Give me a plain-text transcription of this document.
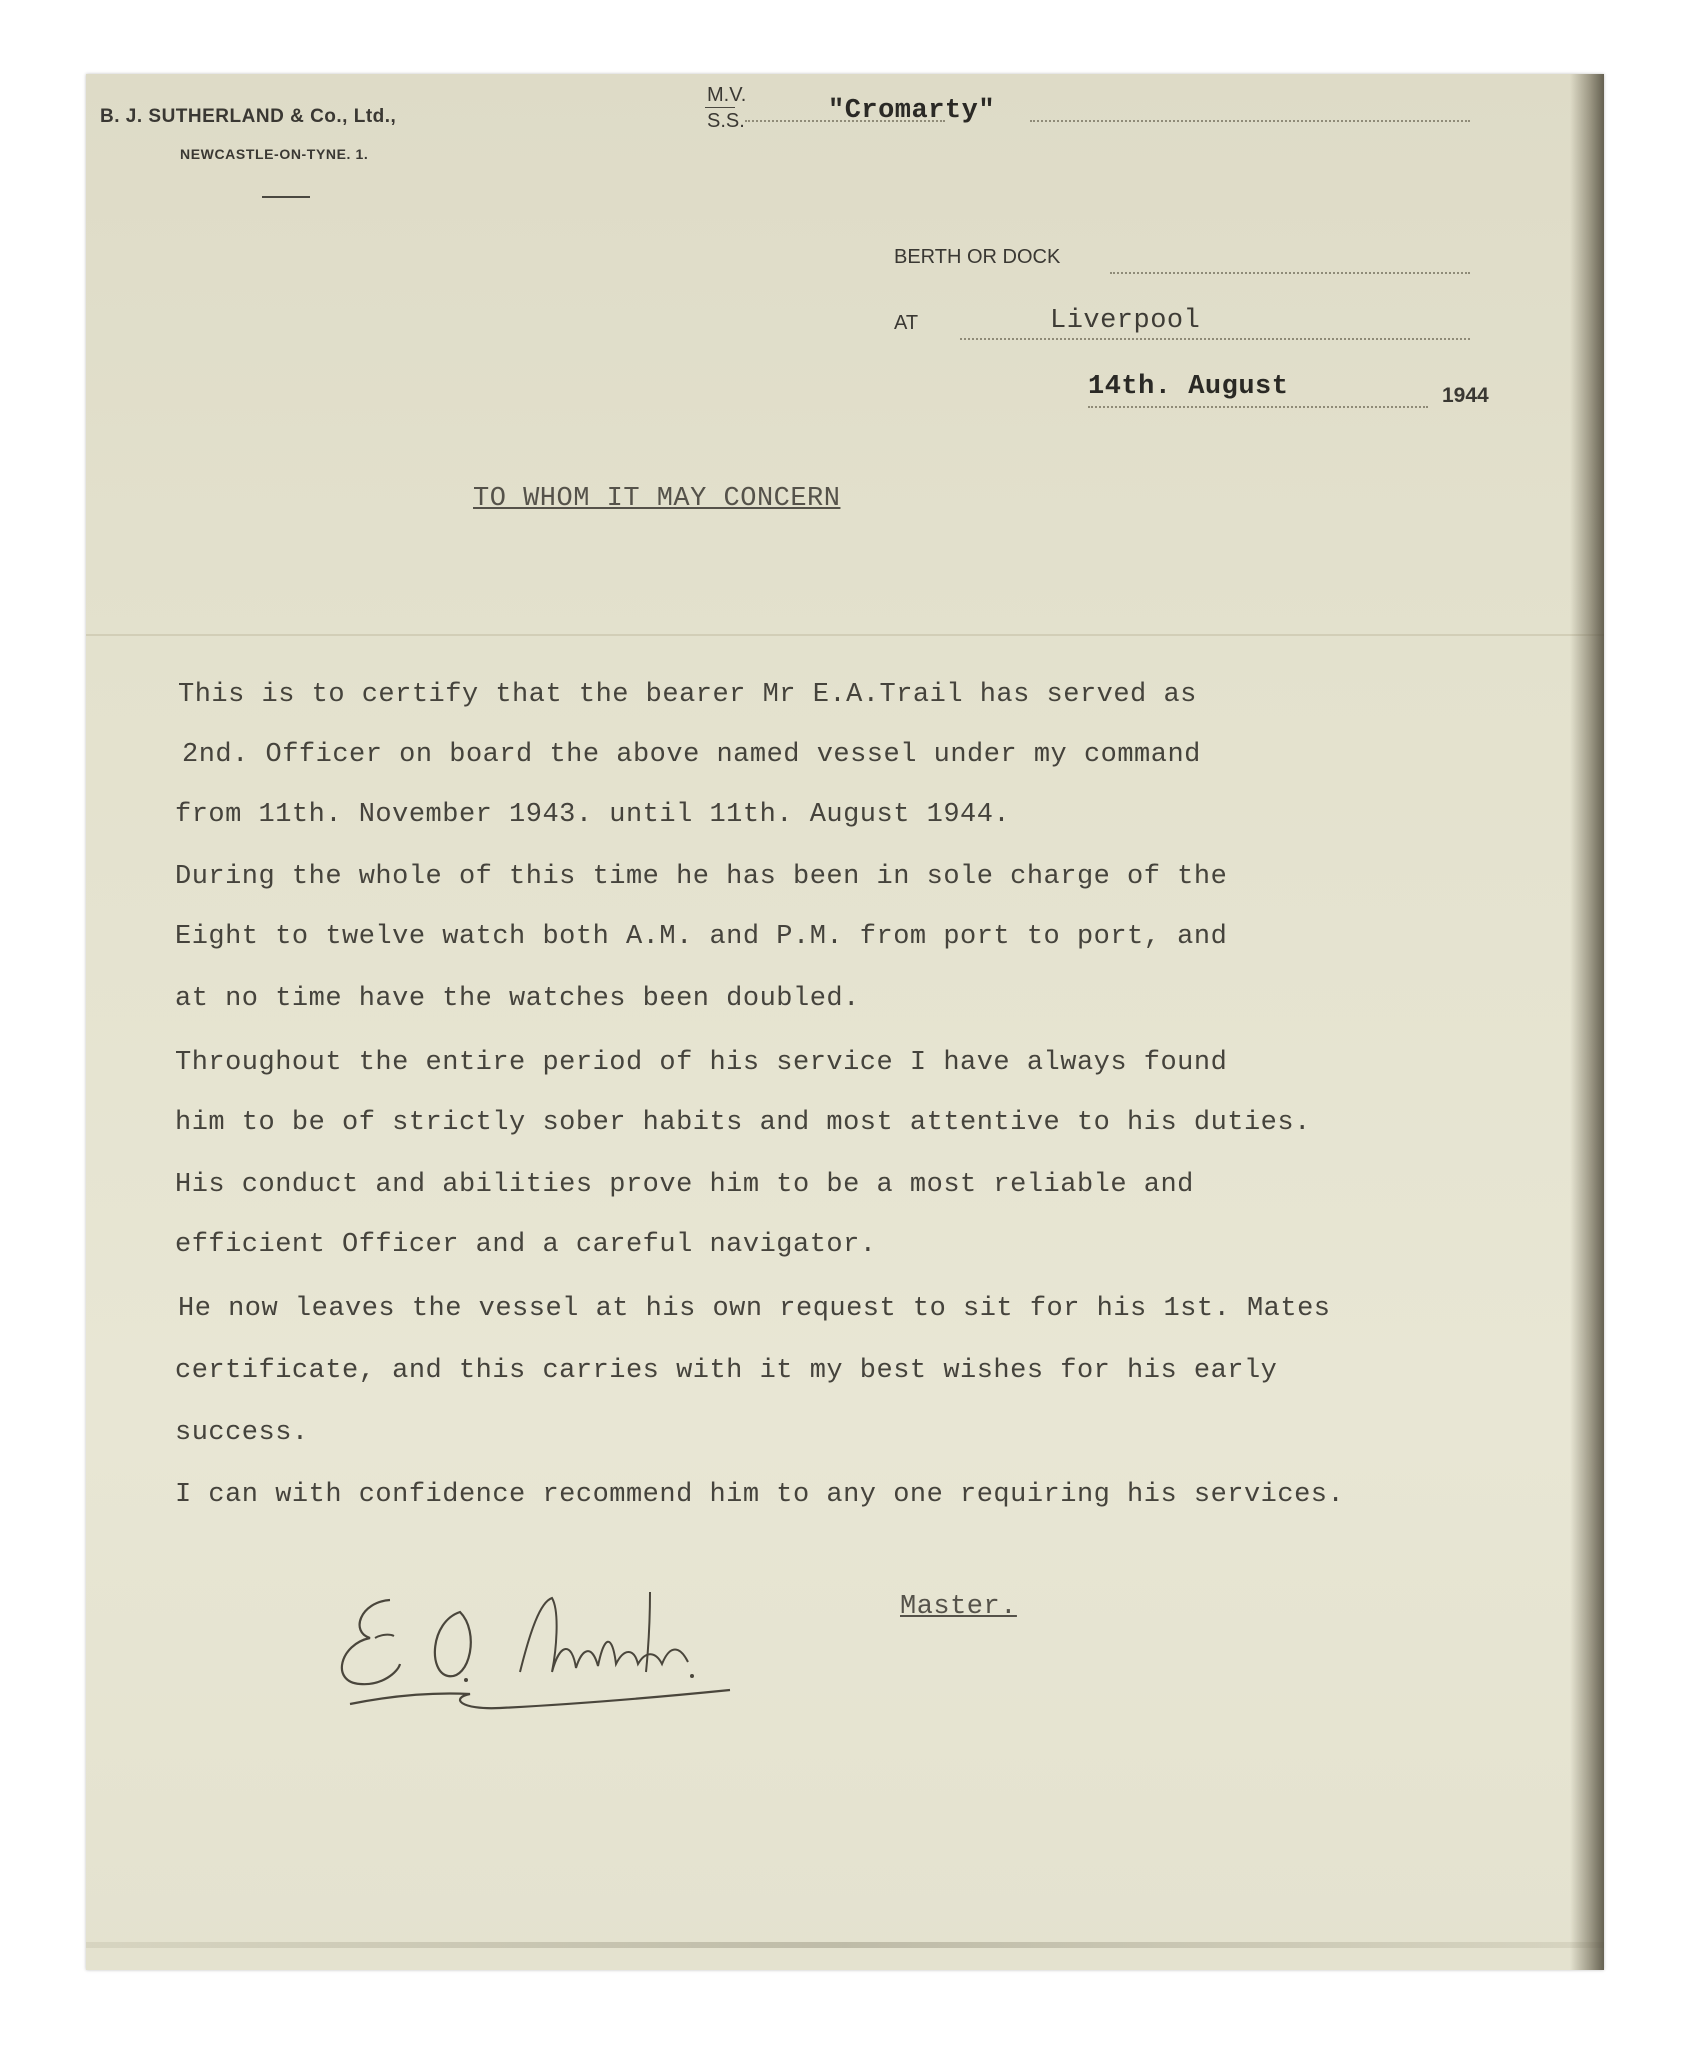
B. J. SUTHERLAND & Co., Ltd.,
NEWCASTLE-ON-TYNE. 1.
M.V.
S.S.	"Cromarty"
BERTH OR DOCK
AT	Liverpool
14th. August	1944
TO WHOM IT MAY CONCERN
This is to certify that the bearer Mr E.A.Trail has served as
2nd. Officer on board the above named vessel under my command
from 11th. November 1943. until 11th. August 1944.
During the whole of this time he has been in sole charge of the
Eight to twelve watch both A.M. and P.M. from port to port, and
at no time have the watches been doubled.
Throughout the entire period of his service I have always found
him to be of strictly sober habits and most attentive to his duties.
His conduct and abilities prove him to be a most reliable and
efficient Officer and a careful navigator.
He now leaves the vessel at his own request to sit for his 1st. Mates
certificate, and this carries with it my best wishes for his early
success.
I can with confidence recommend him to any one requiring his services.
Master.
